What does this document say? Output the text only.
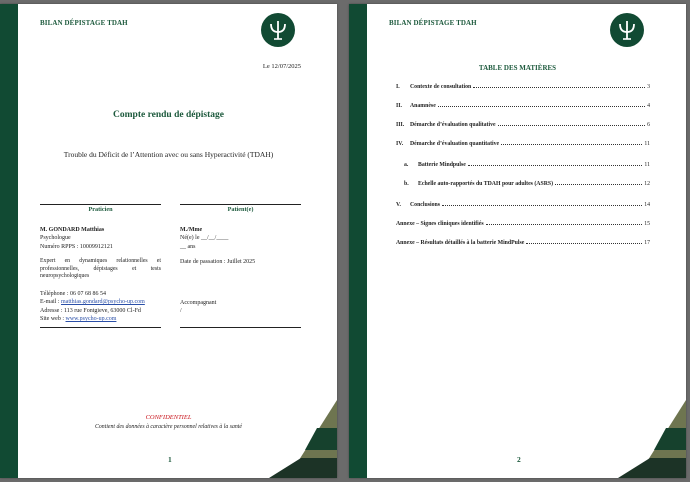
BILAN DÉPISTAGE TDAH
Le 12/07/2025
Compte rendu de dépistage
Trouble du Déficit de l’Attention avec ou sans Hyperactivité (TDAH)
Praticien
M. GONDARD Matthias
Psychologue
Numéro RPPS : 10009912121
Expert en dynamiques relationnelles et professionnelles, dépistages et tests neuropsychologiques
Téléphone : 06 07 68 86 54
E-mail : matthias.gondard@psycho-up.com
Adresse : 113 rue Fontgieve, 63000 Cl-Fd
Site web : www.psycho-up.com
Patient(e)
M./Mme
Né(e) le __/__/____
__ ans
Date de passation : Juillet 2025
Accompagnant
/
CONFIDENTIEL
Contient des données à caractère personnel relatives à la santé
1
BILAN DÉPISTAGE TDAH
TABLE DES MATIÈRES
I.	Contexte de consultation	3
II.	Anamnèse	4
III. Démarche d’évaluation qualitative	6
IV.	Démarche d’évaluation quantitative	11
a.	Batterie Mindpulse	11
b.	Echelle auto-rapportés du TDAH pour adultes (ASRS)	12
V.	Conclusions	14
Annexe – Signes cliniques identifiés	15
Annexe – Résultats détaillés à la batterie MindPulse	17
2
